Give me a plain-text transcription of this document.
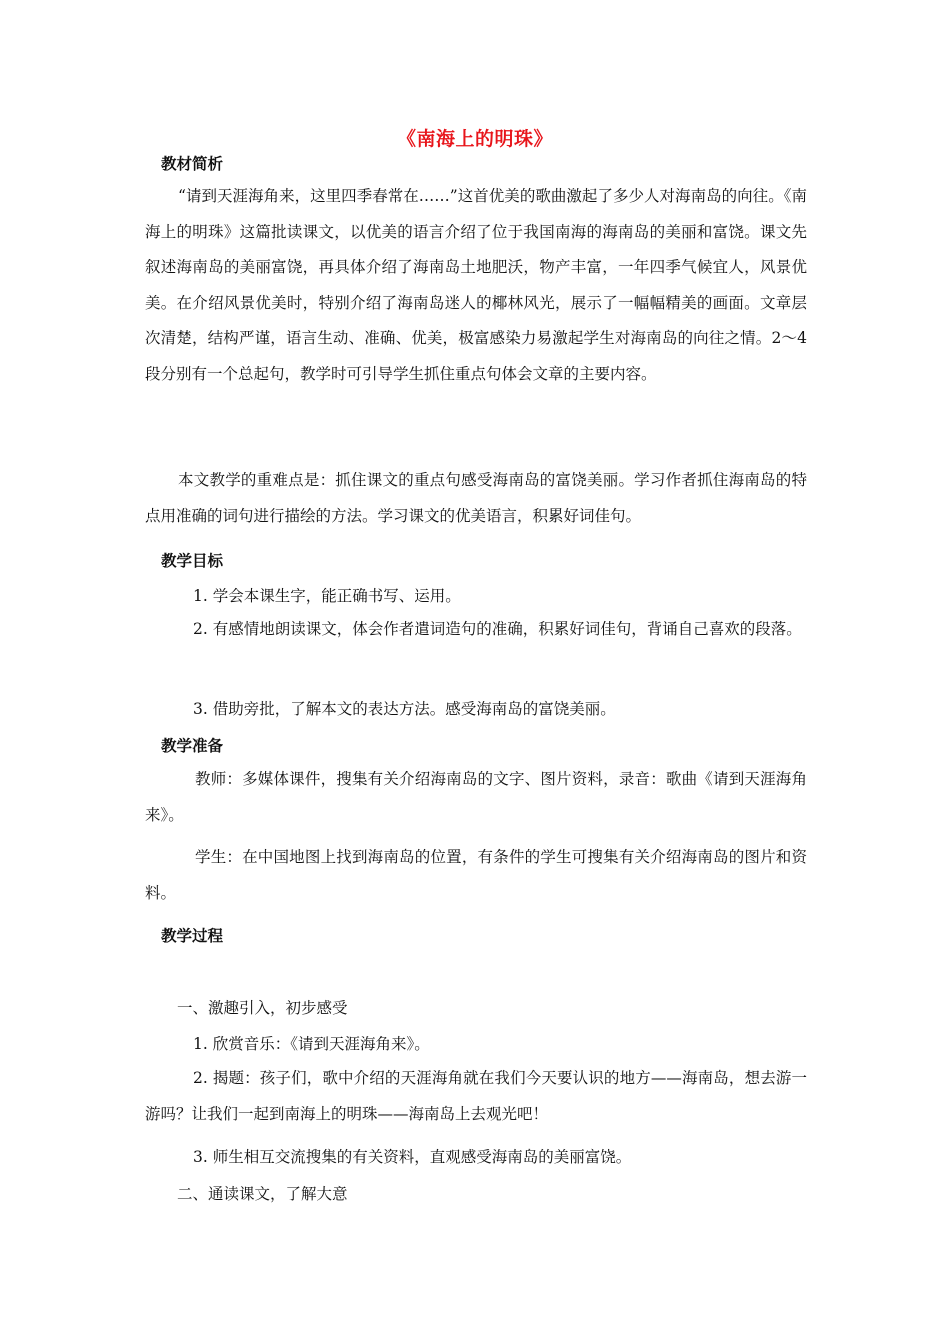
《南海上的明珠》
教材简析
“请到天涯海角来，这里四季春常在……”这首优美的歌曲激起了多少人对海南岛的向往。《南海上的明珠》这篇批读课文，以优美的语言介绍了位于我国南海的海南岛的美丽和富饶。课文先叙述海南岛的美丽富饶，再具体介绍了海南岛土地肥沃，物产丰富，一年四季气候宜人，风景优美。在介绍风景优美时，特别介绍了海南岛迷人的椰林风光，展示了一幅幅精美的画面。文章层次清楚，结构严谨，语言生动、准确、优美，极富感染力易激起学生对海南岛的向往之情。2～4段分别有一个总起句，教学时可引导学生抓住重点句体会文章的主要内容。
本文教学的重难点是：抓住课文的重点句感受海南岛的富饶美丽。学习作者抓住海南岛的特点用准确的词句进行描绘的方法。学习课文的优美语言，积累好词佳句。
教学目标
1. 学会本课生字，能正确书写、运用。
2. 有感情地朗读课文，体会作者遣词造句的准确，积累好词佳句，背诵自己喜欢的段落。
3. 借助旁批，了解本文的表达方法。感受海南岛的富饶美丽。
教学准备
教师：多媒体课件，搜集有关介绍海南岛的文字、图片资料，录音：歌曲《请到天涯海角来》。
学生：在中国地图上找到海南岛的位置，有条件的学生可搜集有关介绍海南岛的图片和资料。
教学过程
一、激趣引入，初步感受
1. 欣赏音乐：《请到天涯海角来》。
2. 揭题：孩子们，歌中介绍的天涯海角就在我们今天要认识的地方——海南岛，想去游一游吗？让我们一起到南海上的明珠——海南岛上去观光吧！
3. 师生相互交流搜集的有关资料，直观感受海南岛的美丽富饶。
二、通读课文，了解大意
